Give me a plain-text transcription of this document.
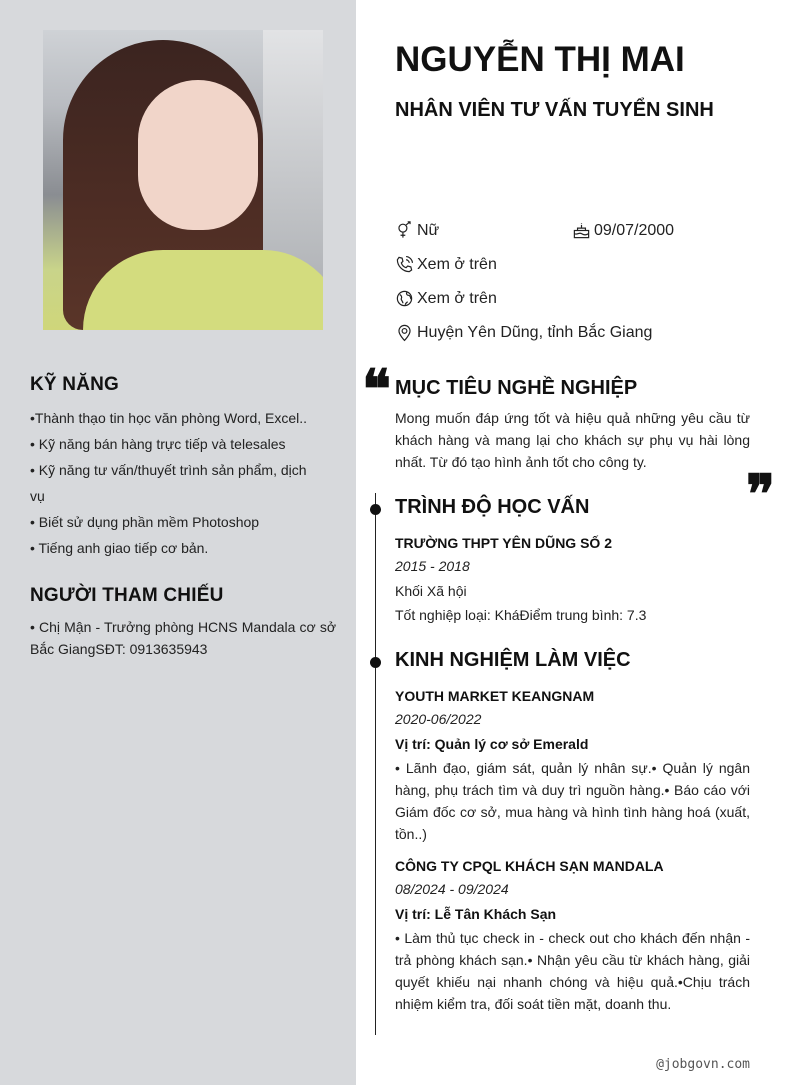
KỸ NĂNG
•Thành thạo tin học văn phòng Word, Excel..
• Kỹ năng bán hàng trực tiếp và telesales
• Kỹ năng tư vấn/thuyết trình sản phẩm, dịch vụ
• Biết sử dụng phần mềm Photoshop
• Tiếng anh giao tiếp cơ bản.
NGƯỜI THAM CHIẾU
• Chị Mận - Trưởng phòng HCNS Mandala cơ sở Bắc GiangSĐT: 0913635943
NGUYỄN THỊ MAI
NHÂN VIÊN TƯ VẤN TUYỂN SINH
Nữ	09/07/2000
Xem ở trên
Xem ở trên
Huyện Yên Dũng, tỉnh Bắc Giang
❝ MỤC TIÊU NGHỀ NGHIỆP
Mong muốn đáp ứng tốt và hiệu quả những yêu cầu từ khách hàng và mang lại cho khách sự phụ vụ hài lòng nhất. Từ đó tạo hình ảnh tốt cho công ty.	❞
TRÌNH ĐỘ HỌC VẤN
TRƯỜNG THPT YÊN DŨNG SỐ 2
2015 - 2018
Khối Xã hội
Tốt nghiệp loại: KháĐiểm trung bình: 7.3
KINH NGHIỆM LÀM VIỆC
YOUTH MARKET KEANGNAM
2020-06/2022
Vị trí: Quản lý cơ sở Emerald
• Lãnh đạo, giám sát, quản lý nhân sự.• Quản lý ngân hàng, phụ trách tìm và duy trì nguồn hàng.• Báo cáo với Giám đốc cơ sở, mua hàng và hình tình hàng hoá (xuất, tồn..)
CÔNG TY CPQL KHÁCH SẠN MANDALA
08/2024 - 09/2024
Vị trí: Lễ Tân Khách Sạn
• Làm thủ tục check in - check out cho khách đến nhận - trả phòng khách sạn.• Nhận yêu cầu từ khách hàng, giải quyết khiếu nại nhanh chóng và hiệu quả.•Chịu trách nhiệm kiểm tra, đối soát tiền mặt, doanh thu.
@jobgovn.com
